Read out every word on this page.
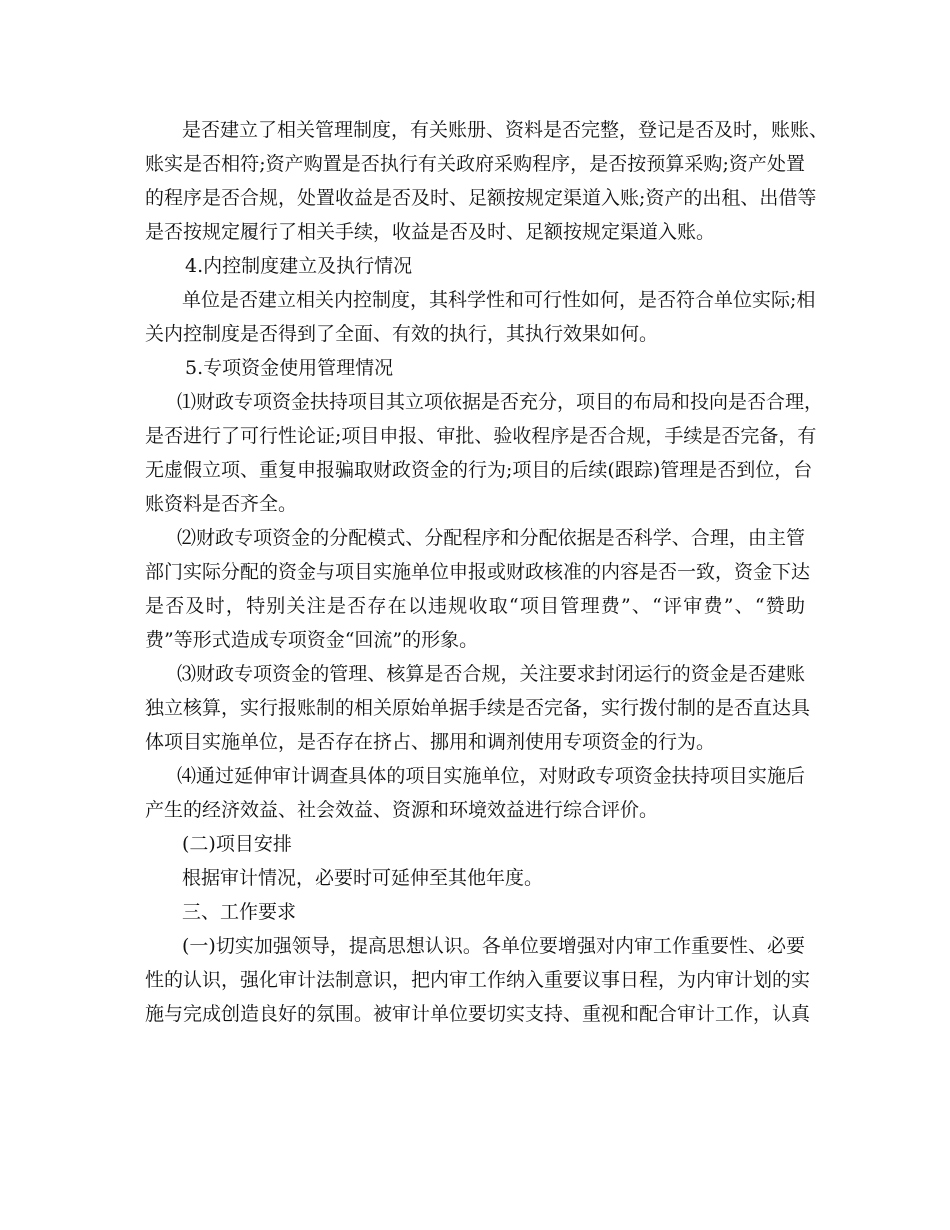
是否建立了相关管理制度，有关账册、资料是否完整，登记是否及时，账账、
账实是否相符;资产购置是否执行有关政府采购程序，是否按预算采购;资产处置
的程序是否合规，处置收益是否及时、足额按规定渠道入账;资产的出租、出借等
是否按规定履行了相关手续，收益是否及时、足额按规定渠道入账。
4.内控制度建立及执行情况
单位是否建立相关内控制度，其科学性和可行性如何，是否符合单位实际;相
关内控制度是否得到了全面、有效的执行，其执行效果如何。
5.专项资金使用管理情况
⑴财政专项资金扶持项目其立项依据是否充分，项目的布局和投向是否合理，
是否进行了可行性论证;项目申报、审批、验收程序是否合规，手续是否完备，有
无虚假立项、重复申报骗取财政资金的行为;项目的后续(跟踪)管理是否到位，台
账资料是否齐全。
⑵财政专项资金的分配模式、分配程序和分配依据是否科学、合理，由主管
部门实际分配的资金与项目实施单位申报或财政核准的内容是否一致，资金下达
是否及时，特别关注是否存在以违规收取“项目管理费”、“评审费”、“赞助
费”等形式造成专项资金“回流”的形象。
⑶财政专项资金的管理、核算是否合规，关注要求封闭运行的资金是否建账
独立核算，实行报账制的相关原始单据手续是否完备，实行拨付制的是否直达具
体项目实施单位，是否存在挤占、挪用和调剂使用专项资金的行为。
⑷通过延伸审计调查具体的项目实施单位，对财政专项资金扶持项目实施后
产生的经济效益、社会效益、资源和环境效益进行综合评价。
(二)项目安排
根据审计情况，必要时可延伸至其他年度。
三、工作要求
(一)切实加强领导，提高思想认识。各单位要增强对内审工作重要性、必要
性的认识，强化审计法制意识，把内审工作纳入重要议事日程，为内审计划的实
施与完成创造良好的氛围。被审计单位要切实支持、重视和配合审计工作，认真
